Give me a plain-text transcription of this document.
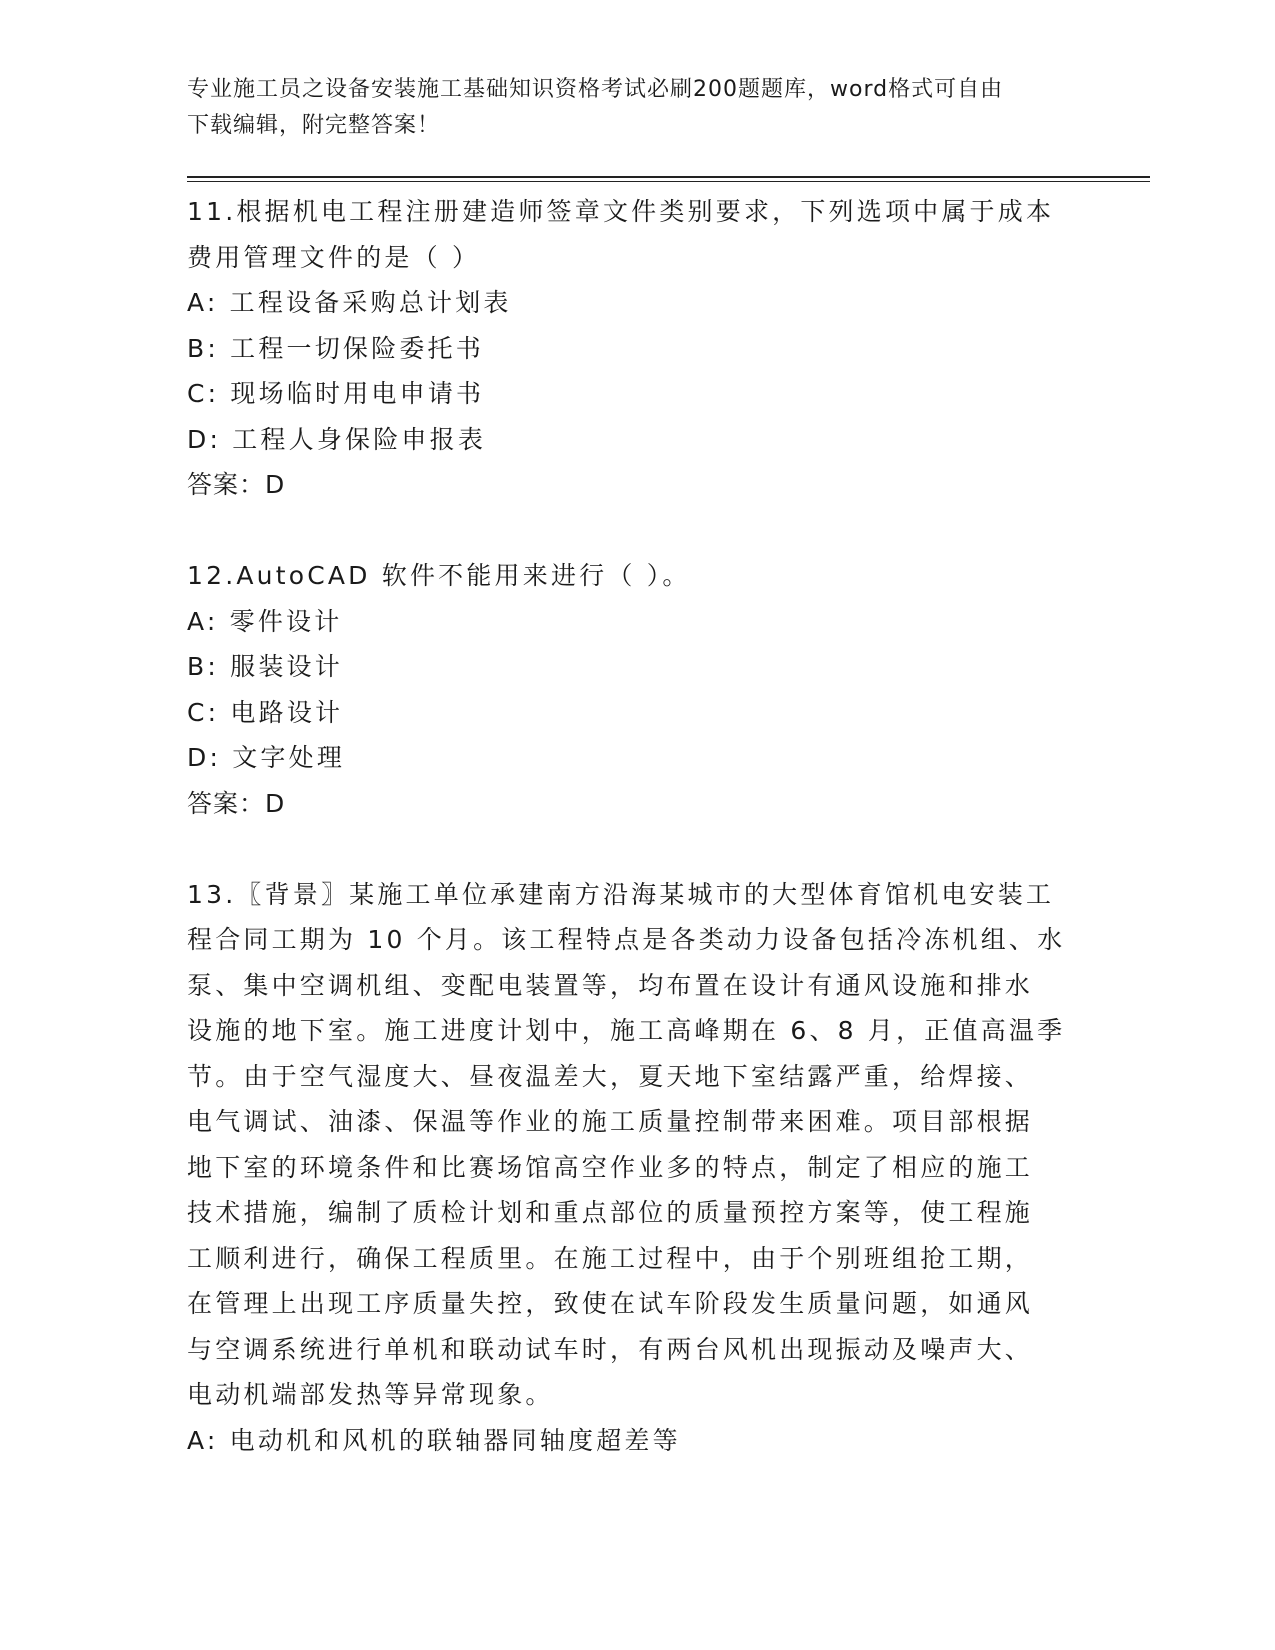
专业施工员之设备安装施工基础知识资格考试必刷200题题库，word格式可自由
下载编辑，附完整答案！
11.根据机电工程注册建造师签章文件类别要求，下列选项中属于成本
费用管理文件的是（ ）
A: 工程设备采购总计划表
B: 工程一切保险委托书
C: 现场临时用电申请书
D: 工程人身保险申报表
答案：D
12.AutoCAD 软件不能用来进行（ ）。
A: 零件设计
B: 服装设计
C: 电路设计
D: 文字处理
答案：D
13.〖背景〗某施工单位承建南方沿海某城市的大型体育馆机电安装工
程合同工期为 10 个月。该工程特点是各类动力设备包括冷冻机组、水
泵、集中空调机组、变配电装置等，均布置在设计有通风设施和排水
设施的地下室。施工进度计划中，施工高峰期在 6、8 月，正值高温季
节。由于空气湿度大、昼夜温差大，夏天地下室结露严重，给焊接、
电气调试、油漆、保温等作业的施工质量控制带来困难。项目部根据
地下室的环境条件和比赛场馆高空作业多的特点，制定了相应的施工
技术措施，编制了质检计划和重点部位的质量预控方案等，使工程施
工顺利进行，确保工程质里。在施工过程中，由于个别班组抢工期，
在管理上出现工序质量失控，致使在试车阶段发生质量问题，如通风
与空调系统进行单机和联动试车时，有两台风机出现振动及噪声大、
电动机端部发热等异常现象。
A: 电动机和风机的联轴器同轴度超差等
